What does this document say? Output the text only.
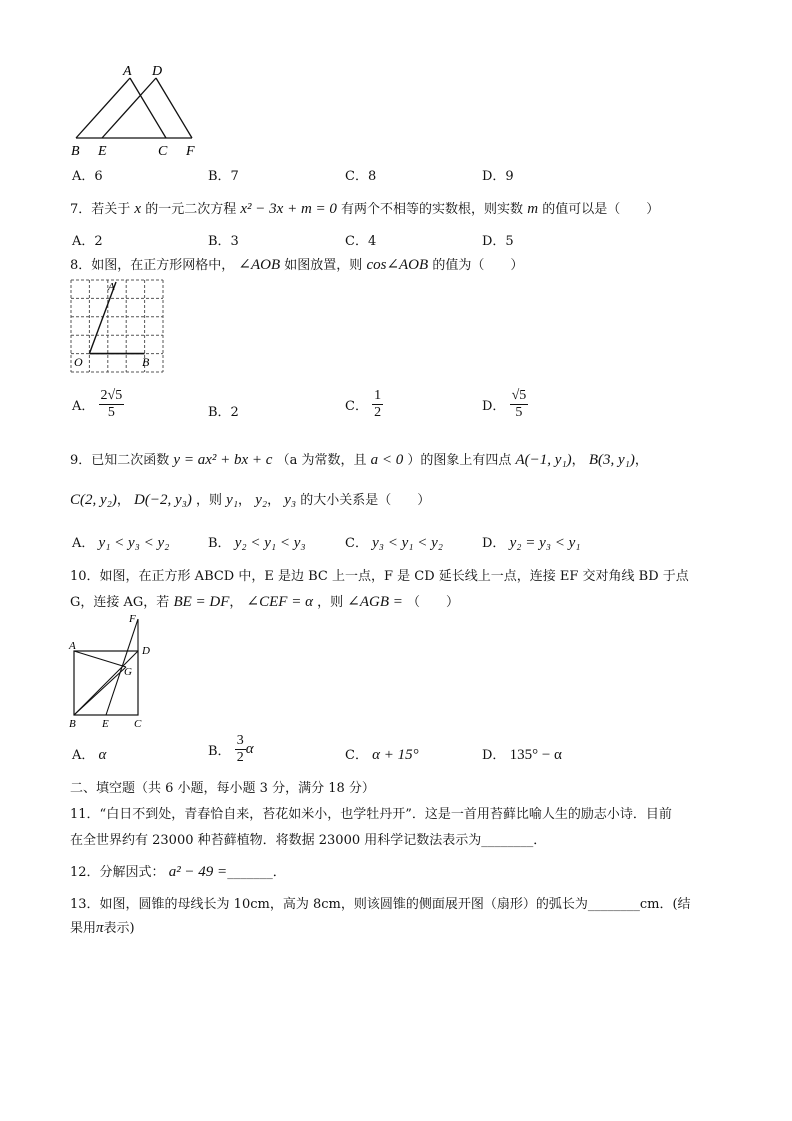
A D
B E	C F
A．6	B．7	C．8	D．9
7．若关于 x 的一元二次方程 x² − 3x + m = 0 有两个不相等的实数根，则实数 m 的值可以是（　　）
A．2	B．3	C．4	D．5
8．如图，在正方形网格中， ∠AOB 如图放置，则 cos∠AOB 的值为（　　）
A
O	B
A． $\frac{2√5}{5}$	B．2	C． $\frac{1}{2}$	D． $\frac{√5}{5}$
9．已知二次函数 y = ax² + bx + c （a 为常数，且 a < 0 ）的图象上有四点 A(−1, y₁)， B(3, y₁)，
C(2, y₂)， D(−2, y₃) ，则 y₁， y₂， y₃ 的大小关系是（　　）
A． y₁ < y₃ < y₂	B． y₂ < y₁ < y₃	C． y₃ < y₁ < y₂	D． y₂ = y₃ < y₁
10．如图，在正方形 ABCD 中，E 是边 BC 上一点，F 是 CD 延长线上一点，连接 EF 交对角线 BD 于点
G，连接 AG，若 BE = DF， ∠CEF = α ，则 ∠AGB = （　　）
F
A	D
G
B E C
A． α	B． $\frac{3}{2}$ α	C． α + 15°	D． 135° − α
二、填空题（共 6 小题，每小题 3 分，满分 18 分）
11．“白日不到处，青春恰自来，苔花如米小，也学牡丹开”．这是一首用苔藓比喻人生的励志小诗．目前
在全世界约有 23000 种苔藓植物．将数据 23000 用科学记数法表示为________．
12．分解因式： a² − 49 =_______．
13．如图，圆锥的母线长为 10cm，高为 8cm，则该圆锥的侧面展开图（扇形）的弧长为________cm．(结
果用π表示)
